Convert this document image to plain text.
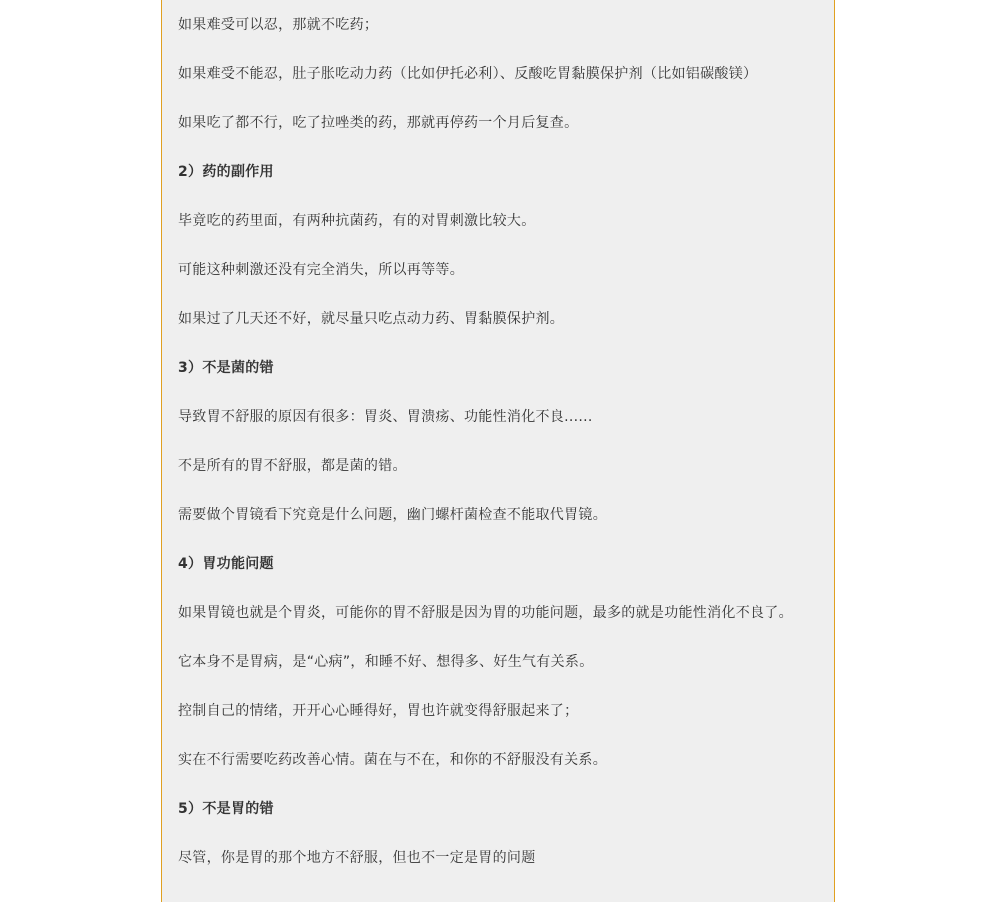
如果难受可以忍，那就不吃药；

如果难受不能忍，肚子胀吃动力药（比如伊托必利）、反酸吃胃黏膜保护剂（比如铝碳酸镁）

如果吃了都不行，吃了拉唑类的药，那就再停药一个月后复查。

2）药的副作用

毕竟吃的药里面，有两种抗菌药，有的对胃刺激比较大。

可能这种刺激还没有完全消失，所以再等等。

如果过了几天还不好，就尽量只吃点动力药、胃黏膜保护剂。

3）不是菌的错

导致胃不舒服的原因有很多：胃炎、胃溃疡、功能性消化不良......

不是所有的胃不舒服，都是菌的错。

需要做个胃镜看下究竟是什么问题，幽门螺杆菌检查不能取代胃镜。

4）胃功能问题

如果胃镜也就是个胃炎，可能你的胃不舒服是因为胃的功能问题，最多的就是功能性消化不良了。

它本身不是胃病，是“心病”，和睡不好、想得多、好生气有关系。

控制自己的情绪，开开心心睡得好，胃也许就变得舒服起来了；

实在不行需要吃药改善心情。菌在与不在，和你的不舒服没有关系。

5）不是胃的错

尽管，你是胃的那个地方不舒服，但也不一定是胃的问题
